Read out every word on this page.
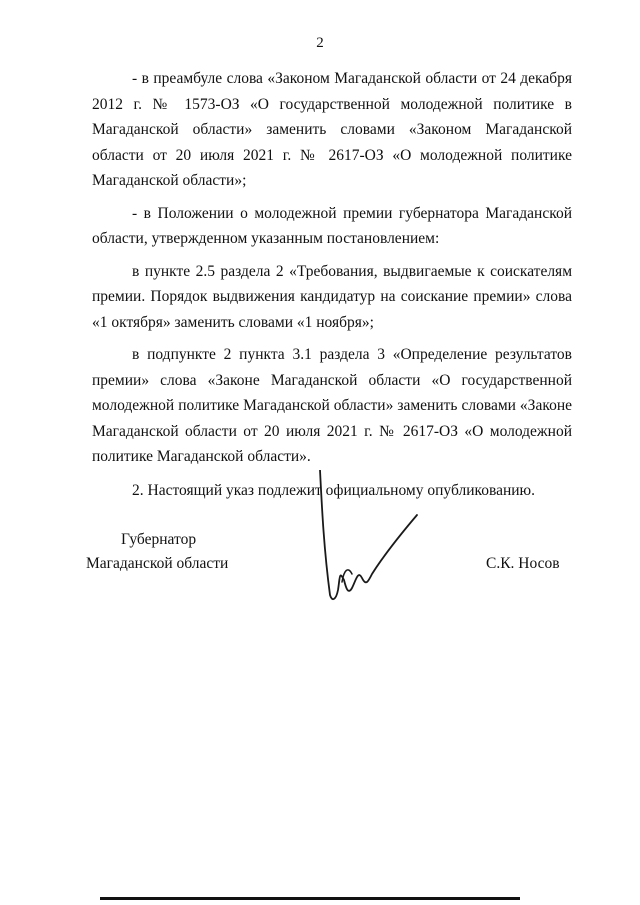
2

- в преамбуле слова «Законом Магаданской области от 24 декабря 2012 г. № 1573-ОЗ «О государственной молодежной политике в Магаданской области» заменить словами «Законом Магаданской области от 20 июля 2021 г. № 2617-ОЗ «О молодежной политике Магаданской области»;

- в Положении о молодежной премии губернатора Магаданской области, утвержденном указанным постановлением:

в пункте 2.5 раздела 2 «Требования, выдвигаемые к соискателям премии. Порядок выдвижения кандидатур на соискание премии» слова «1 октября» заменить словами «1 ноября»;

в подпункте 2 пункта 3.1 раздела 3 «Определение результатов премии» слова «Законе Магаданской области «О государственной молодежной политике Магаданской области» заменить словами «Законе Магаданской области от 20 июля 2021 г. № 2617-ОЗ «О молодежной политике Магаданской области».

2. Настоящий указ подлежит официальному опубликованию.

Губернатор
Магаданской области	С.К. Носов
